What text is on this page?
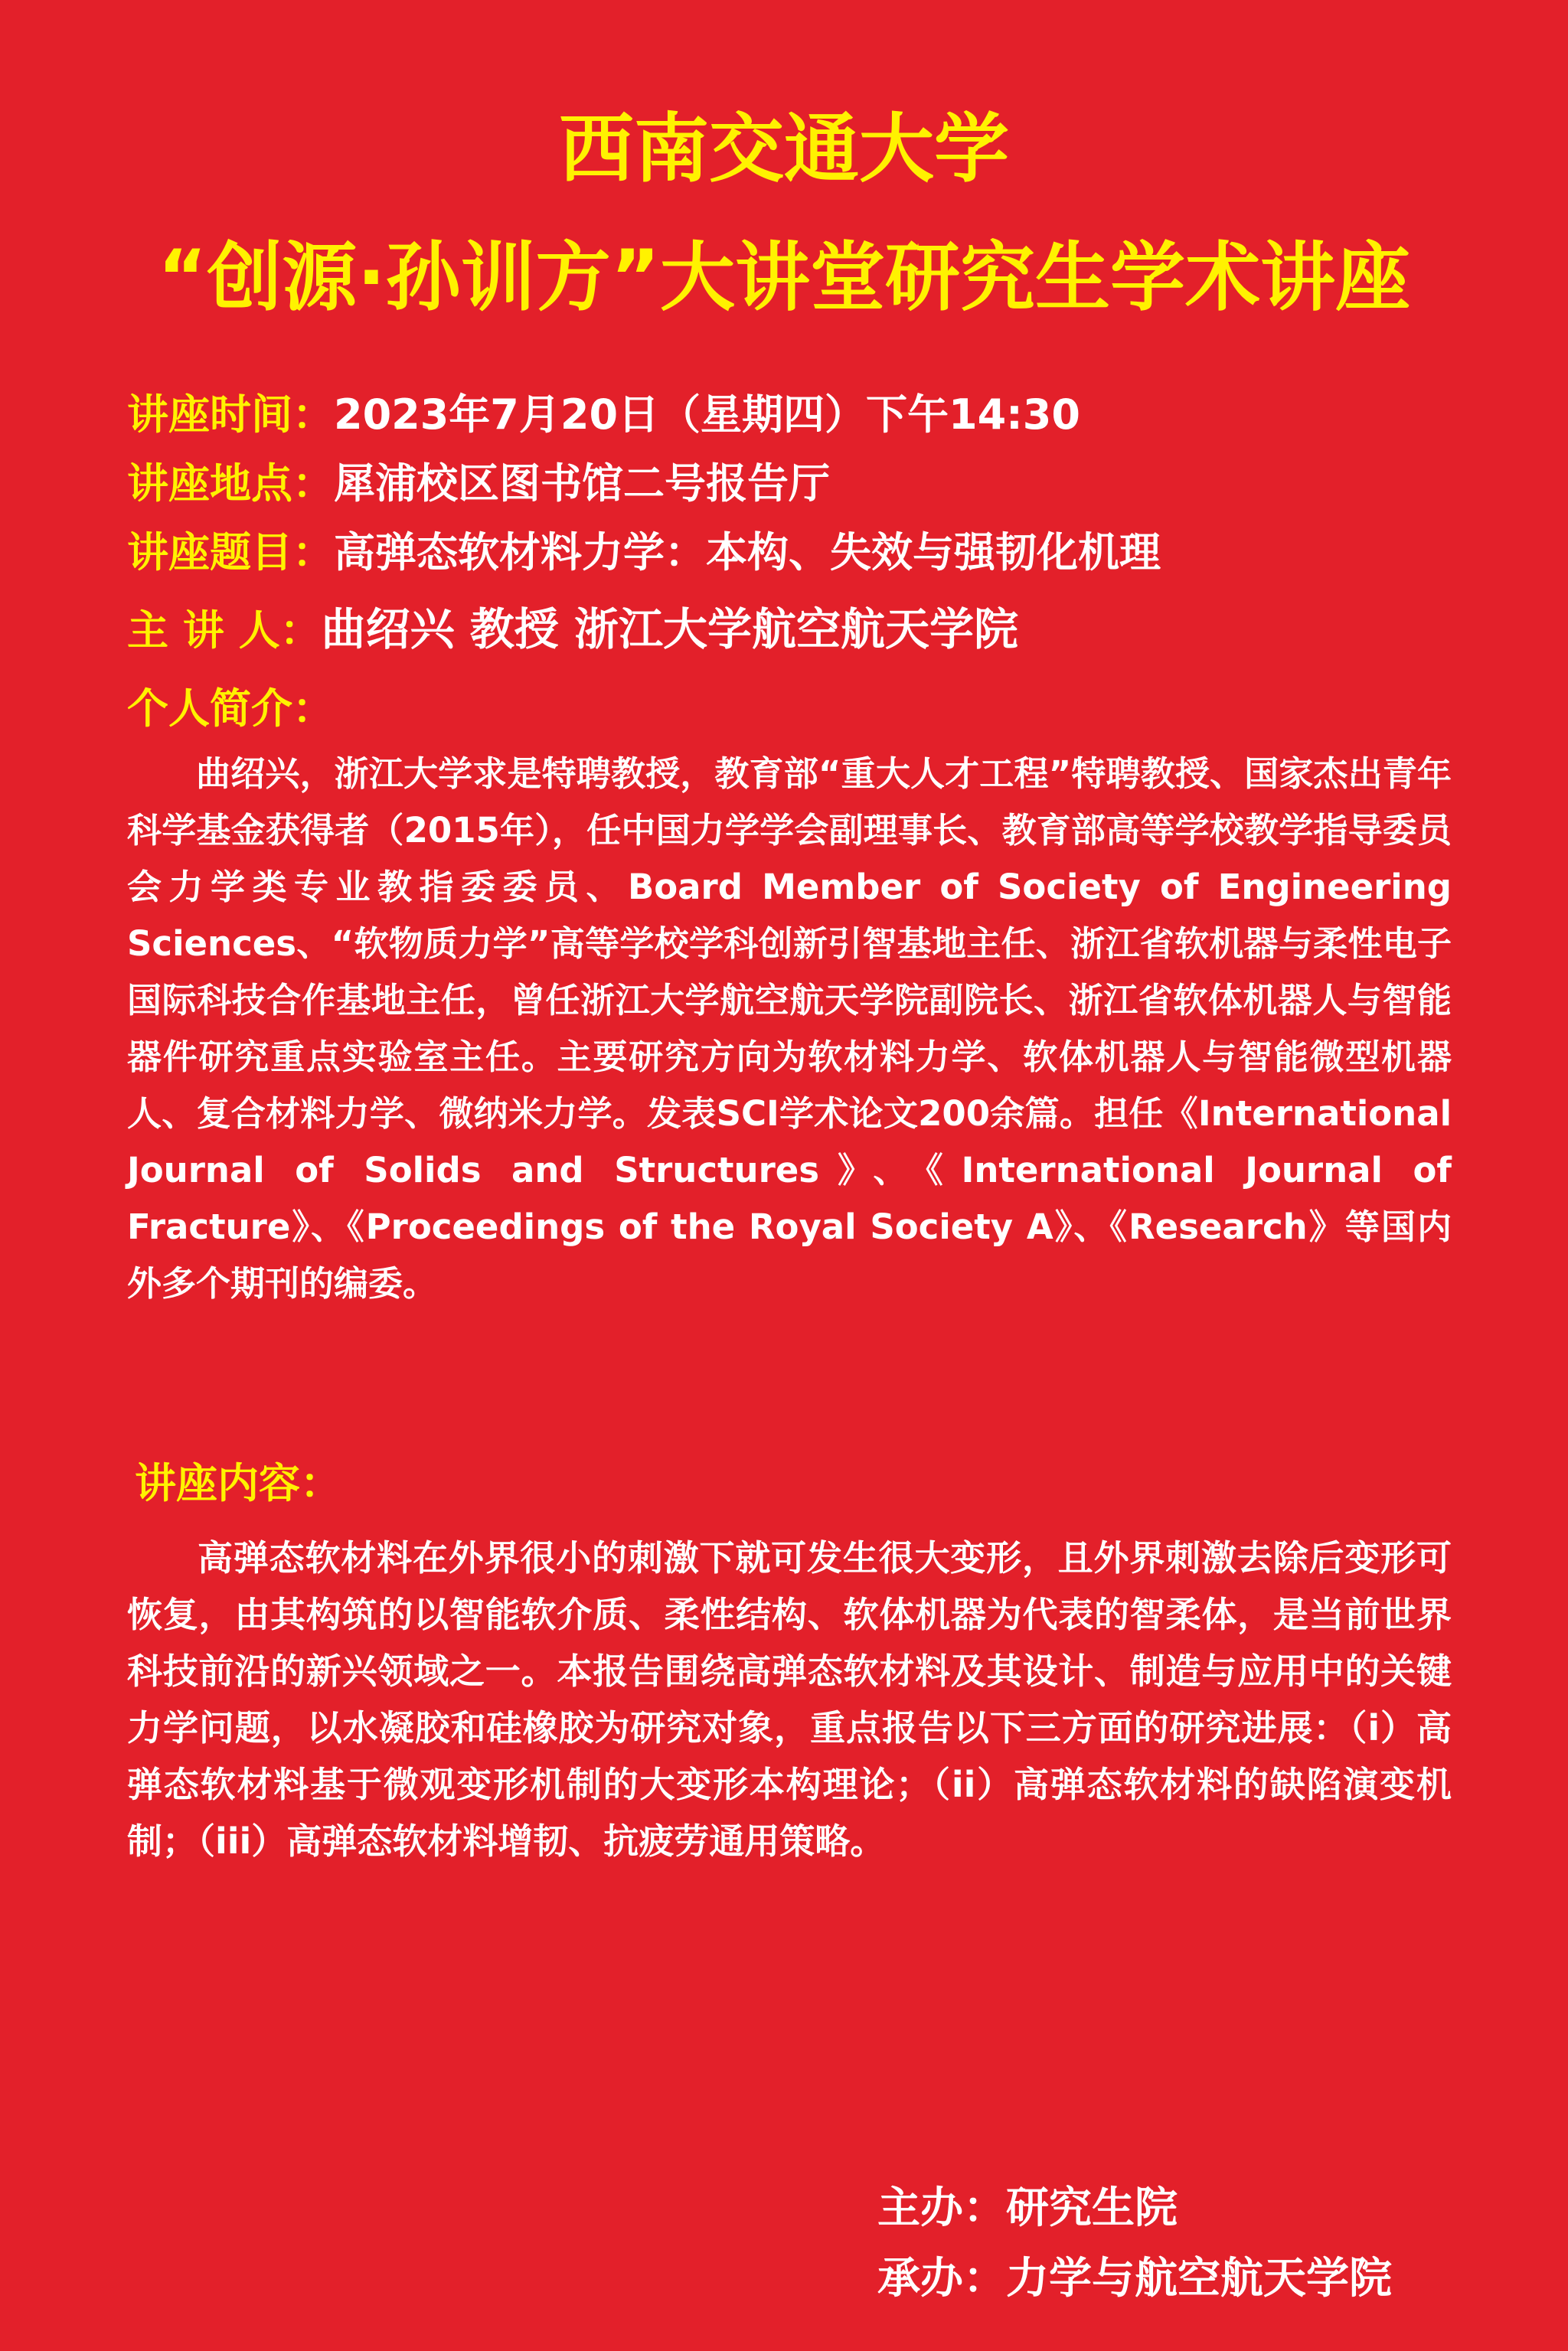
西南交通大学
“创源·孙训方”大讲堂研究生学术讲座
讲座时间：2023年7月20日（星期四）下午14:30
讲座地点：犀浦校区图书馆二号报告厅
讲座题目：高弹态软材料力学：本构、失效与强韧化机理
主 讲 人：曲绍兴 教授 浙江大学航空航天学院
个人简介：

曲绍兴，浙江大学求是特聘教授，教育部“重大人才工程”特聘教授、国家杰出青年科学基金获得者（2015年），任中国力学学会副理事长、教育部高等学校教学指导委员会力学类专业教指委委员、Board Member of Society of Engineering Sciences、“软物质力学”高等学校学科创新引智基地主任、浙江省软机器与柔性电子国际科技合作基地主任，曾任浙江大学航空航天学院副院长、浙江省软体机器人与智能器件研究重点实验室主任。主要研究方向为软材料力学、软体机器人与智能微型机器人、复合材料力学、微纳米力学。发表SCI学术论文200余篇。担任《International Journal of Solids and Structures》、《International Journal of Fracture》、《Proceedings of the Royal Society A》、《Research》等国内外多个期刊的编委。

讲座内容：

高弹态软材料在外界很小的刺激下就可发生很大变形，且外界刺激去除后变形可恢复，由其构筑的以智能软介质、柔性结构、软体机器为代表的智柔体，是当前世界科技前沿的新兴领域之一。本报告围绕高弹态软材料及其设计、制造与应用中的关键力学问题，以水凝胶和硅橡胶为研究对象，重点报告以下三方面的研究进展：（i）高弹态软材料基于微观变形机制的大变形本构理论；（ii）高弹态软材料的缺陷演变机制；（iii）高弹态软材料增韧、抗疲劳通用策略。

主办：研究生院
承办：力学与航空航天学院
